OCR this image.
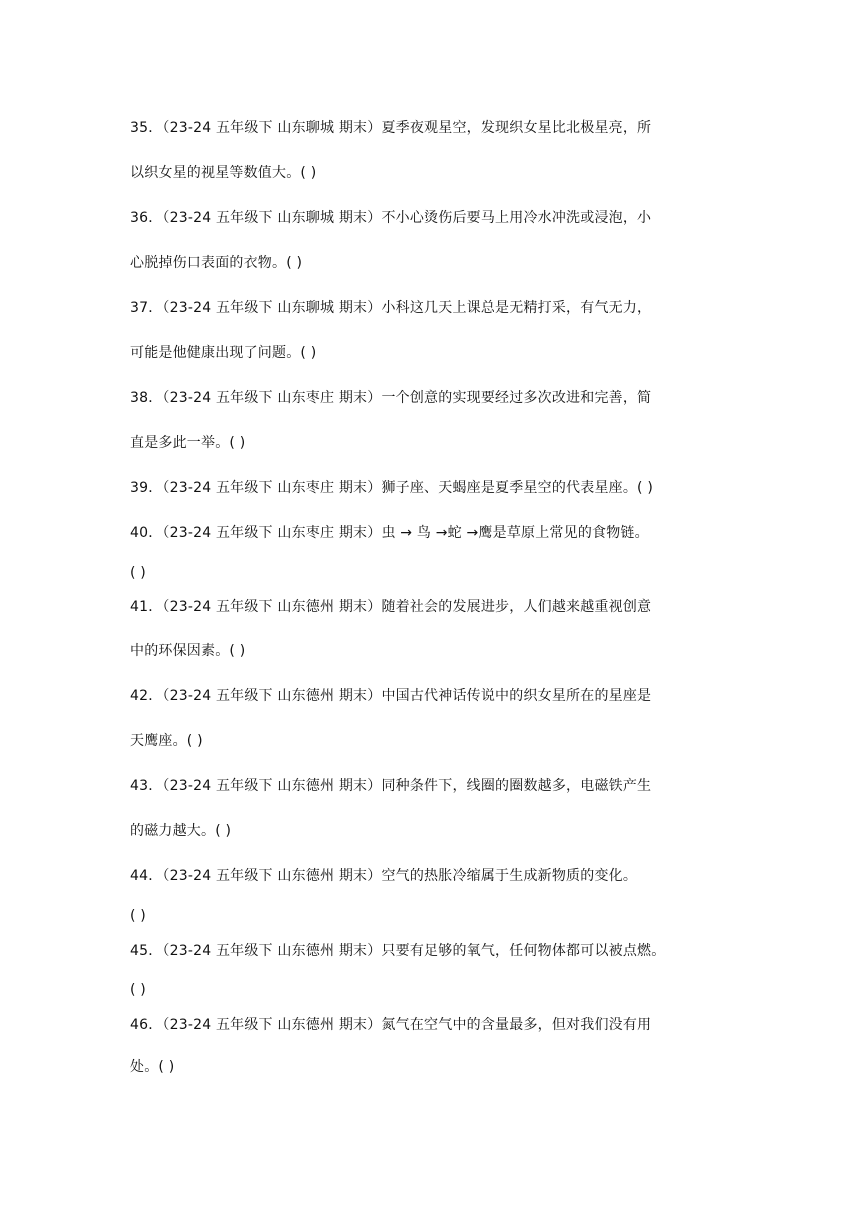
35．（23-24 五年级下 山东聊城 期末）夏季夜观星空，发现织女星比北极星亮，所
以织女星的视星等数值大。( )
36．（23-24 五年级下 山东聊城 期末）不小心烫伤后要马上用冷水冲洗或浸泡，小
心脱掉伤口表面的衣物。( )
37．（23-24 五年级下 山东聊城 期末）小科这几天上课总是无精打采，有气无力，
可能是他健康出现了问题。( )
38．（23-24 五年级下 山东枣庄 期末）一个创意的实现要经过多次改进和完善，简
直是多此一举。( )
39．（23-24 五年级下 山东枣庄 期末）狮子座、天蝎座是夏季星空的代表星座。( )
40．（23-24 五年级下 山东枣庄 期末）虫 → 鸟 →蛇 →鹰是草原上常见的食物链。
( )
41．（23-24 五年级下 山东德州 期末）随着社会的发展进步，人们越来越重视创意
中的环保因素。( )
42．（23-24 五年级下 山东德州 期末）中国古代神话传说中的织女星所在的星座是
天鹰座。( )
43．（23-24 五年级下 山东德州 期末）同种条件下，线圈的圈数越多，电磁铁产生
的磁力越大。( )
44．（23-24 五年级下 山东德州 期末）空气的热胀冷缩属于生成新物质的变化。
( )
45．（23-24 五年级下 山东德州 期末）只要有足够的氧气，任何物体都可以被点燃。
( )
46．（23-24 五年级下 山东德州 期末）氮气在空气中的含量最多，但对我们没有用
处。( )
